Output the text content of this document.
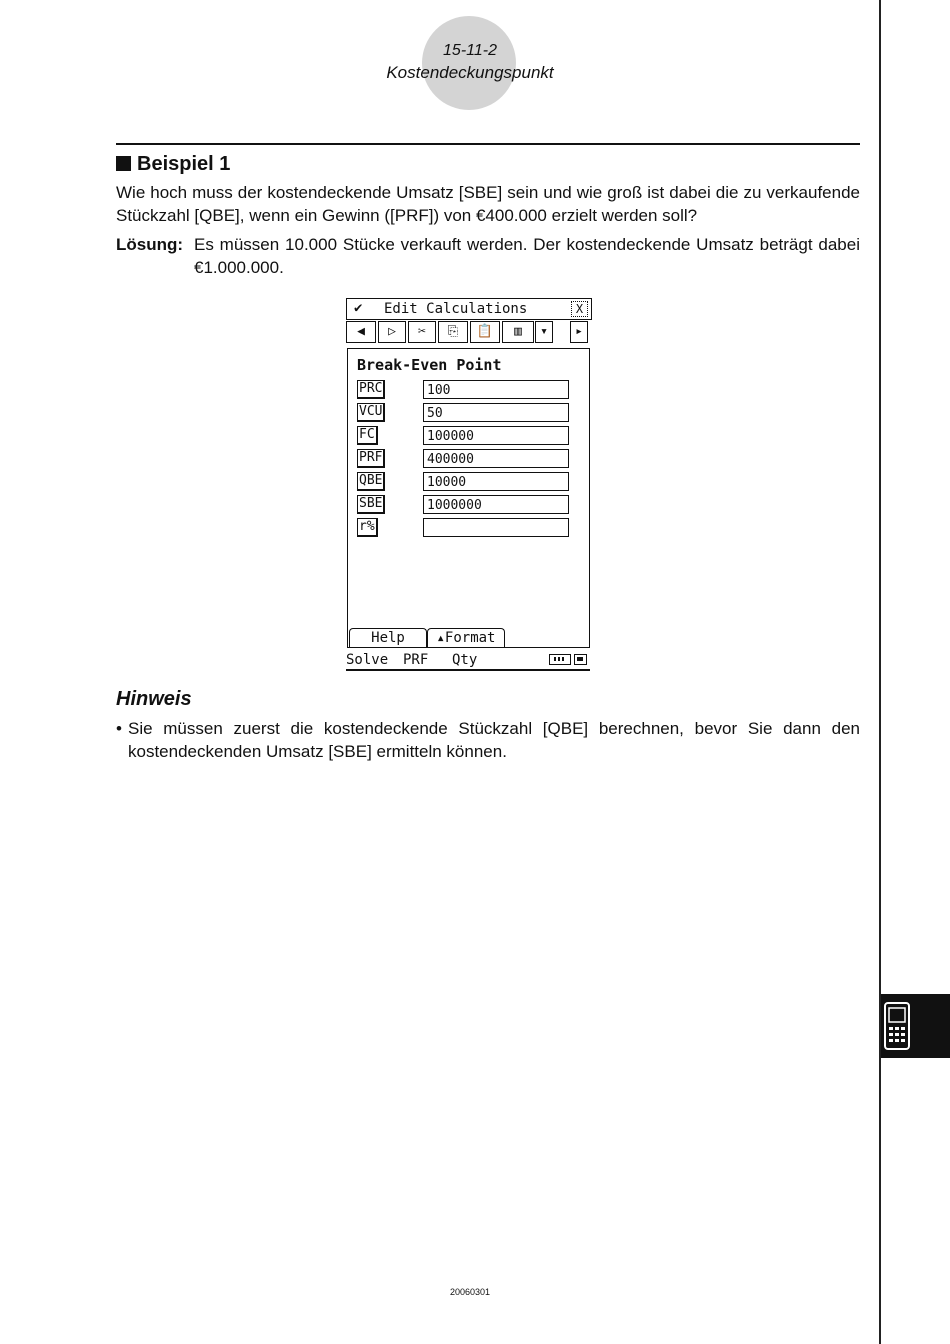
15-11-2
Kostendeckungspunkt
Beispiel 1
Wie hoch muss der kostendeckende Umsatz [SBE] sein und wie groß ist dabei die zu verkaufende Stückzahl [QBE], wenn ein Gewinn ([PRF]) von €400.000 erzielt werden soll?
Lösung: Es müssen 10.000 Stücke verkauft werden. Der kostendeckende Umsatz beträgt dabei €1.000.000.
✔ Edit Calculations	X
◀	▷	✂	⎘	📋	▥	▾	▸
Break-Even Point
PRC	100
VCU	50
FC	100000
PRF	400000
QBE	10000
SBE	1000000
r%
Help	▴Format
Solve PRF Qty
Hinweis
• Sie müssen zuerst die kostendeckende Stückzahl [QBE] berechnen, bevor Sie dann den kostendeckenden Umsatz [SBE] ermitteln können.
20060301
